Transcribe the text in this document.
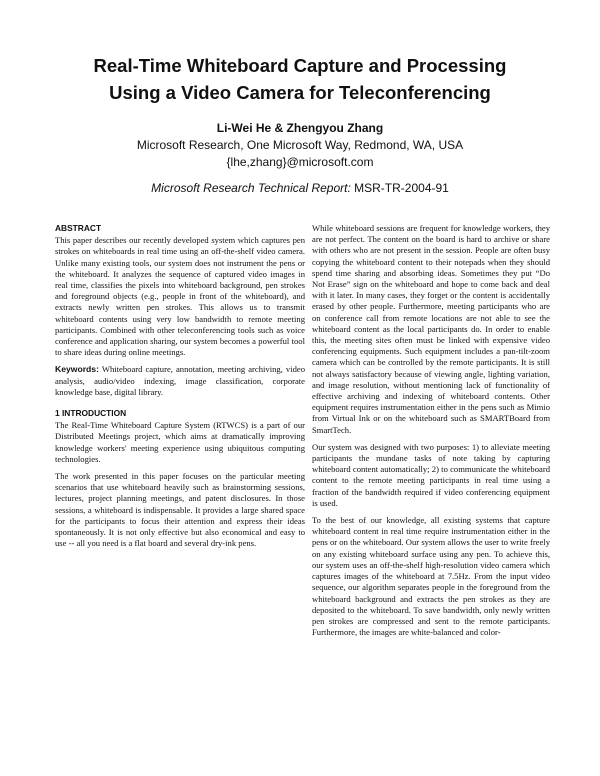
Real-Time Whiteboard Capture and Processing
Using a Video Camera for Teleconferencing
Li-Wei He & Zhengyou Zhang
Microsoft Research, One Microsoft Way, Redmond, WA, USA
{lhe,zhang}@microsoft.com
Microsoft Research Technical Report: MSR-TR-2004-91
ABSTRACT

This paper describes our recently developed system which captures pen strokes on whiteboards in real time using an off-the-shelf video camera. Unlike many existing tools, our system does not instrument the pens or the whiteboard. It analyzes the sequence of captured video images in real time, classifies the pixels into whiteboard background, pen strokes and foreground objects (e.g., people in front of the whiteboard), and extracts newly written pen strokes. This allows us to transmit whiteboard contents using very low bandwidth to remote meeting participants. Combined with other teleconferencing tools such as voice conference and application sharing, our system becomes a powerful tool to share ideas during online meetings.

Keywords: Whiteboard capture, annotation, meeting archiving, video analysis, audio/video indexing, image classification, corporate knowledge base, digital library.

1 INTRODUCTION

The Real-Time Whiteboard Capture System (RTWCS) is a part of our Distributed Meetings project, which aims at dramatically improving knowledge workers' meeting experience using ubiquitous computing technologies.

The work presented in this paper focuses on the particular meeting scenarios that use whiteboard heavily such as brainstorming sessions, lectures, project planning meetings, and patent disclosures. In those sessions, a whiteboard is indispensable. It provides a large shared space for the participants to focus their attention and express their ideas spontaneously. It is not only effective but also economical and easy to use -- all you need is a flat board and several dry-ink pens.

While whiteboard sessions are frequent for knowledge workers, they are not perfect. The content on the board is hard to archive or share with others who are not present in the session. People are often busy copying the whiteboard content to their notepads when they should spend time sharing and absorbing ideas. Sometimes they put “Do Not Erase” sign on the whiteboard and hope to come back and deal with it later. In many cases, they forget or the content is accidentally erased by other people. Furthermore, meeting participants who are on conference call from remote locations are not able to see the whiteboard content as the local participants do. In order to enable this, the meeting sites often must be linked with expensive video conferencing equipments. Such equipment includes a pan-tilt-zoom camera which can be controlled by the remote participants. It is still not always satisfactory because of viewing angle, lighting variation, and image resolution, without mentioning lack of functionality of effective archiving and indexing of whiteboard contents. Other equipment requires instrumentation either in the pens such as Mimio from Virtual Ink or on the whiteboard such as SMARTBoard from SmartTech.

Our system was designed with two purposes: 1) to alleviate meeting participants the mundane tasks of note taking by capturing whiteboard content automatically; 2) to communicate the whiteboard content to the remote meeting participants in real time using a fraction of the bandwidth required if video conferencing equipment is used.

To the best of our knowledge, all existing systems that capture whiteboard content in real time require instrumentation either in the pens or on the whiteboard. Our system allows the user to write freely on any existing whiteboard surface using any pen. To achieve this, our system uses an off-the-shelf high-resolution video camera which captures images of the whiteboard at 7.5Hz. From the input video sequence, our algorithm separates people in the foreground from the whiteboard background and extracts the pen strokes as they are deposited to the whiteboard. To save bandwidth, only newly written pen strokes are compressed and sent to the remote participants. Furthermore, the images are white-balanced and color-
